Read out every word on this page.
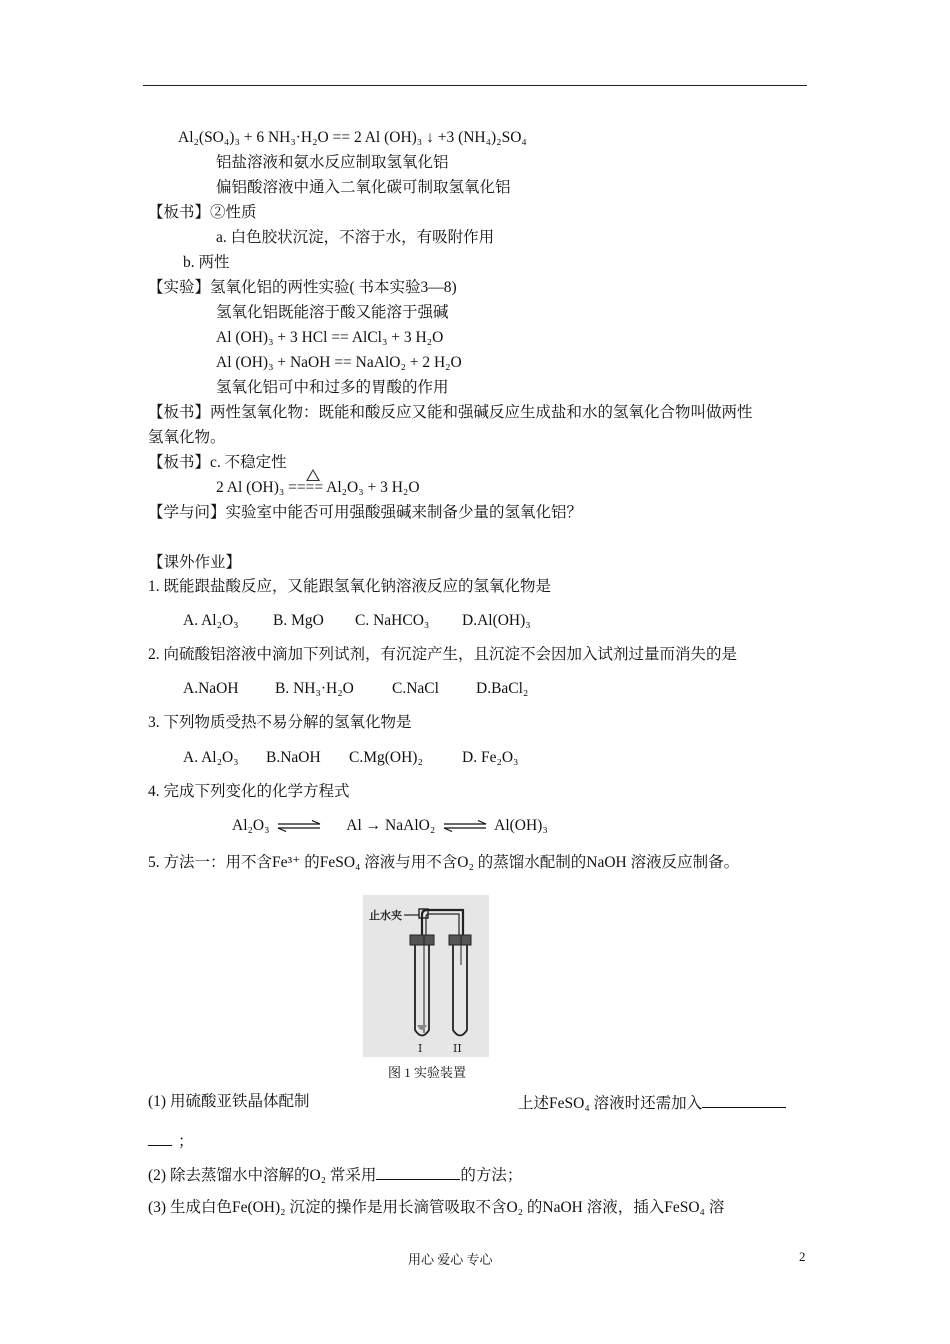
Al₂(SO₄)₃ + 6 NH₃·H₂O == 2 Al (OH)₃ ↓ +3 (NH₄)₂SO₄
铝盐溶液和氨水反应制取氢氧化铝
偏铝酸溶液中通入二氧化碳可制取氢氧化铝
【板书】②性质
a. 白色胶状沉淀，不溶于水，有吸附作用
b. 两性
【实验】氢氧化铝的两性实验( 书本实验3—8)
氢氧化铝既能溶于酸又能溶于强碱
Al (OH)₃ + 3 HCl == AlCl₃ + 3 H₂O
Al (OH)₃ + NaOH == NaAlO₂ + 2 H₂O
氢氧化铝可中和过多的胃酸的作用
【板书】两性氢氧化物：既能和酸反应又能和强碱反应生成盐和水的氢氧化合物叫做两性
氢氧化物。
【板书】c. 不稳定性
2 Al (OH)₃ ==== Al₂O₃ + 3 H₂O
【学与问】实验室中能否可用强酸强碱来制备少量的氢氧化铝？
【课外作业】
1. 既能跟盐酸反应，又能跟氢氧化钠溶液反应的氢氧化物是
A. Al₂O₃ B. MgO C. NaHCO₃ D.Al(OH)₃
2. 向硫酸铝溶液中滴加下列试剂，有沉淀产生，且沉淀不会因加入试剂过量而消失的是
A.NaOH B. NH₃·H₂O C.NaCl D.BaCl₂
3. 下列物质受热不易分解的氢氧化物是
A. Al₂O₃ B.NaOH C.Mg(OH)₂	D. Fe₂O₃
4. 完成下列变化的化学方程式
Al₂O₃ ⇌ Al → NaAlO₂ ⇌ Al(OH)₃
5. 方法一：用不含Fe³⁺ 的FeSO₄ 溶液与用不含O₂ 的蒸馏水配制的NaOH 溶液反应制备。
止水夹
I	II
图 1 实验装置
(1) 用硫酸亚铁晶体配制	上述FeSO₄ 溶液时还需加入
；
(2) 除去蒸馏水中溶解的O₂ 常采用	的方法；
(3) 生成白色Fe(OH)₂ 沉淀的操作是用长滴管吸取不含O₂ 的NaOH 溶液，插入FeSO₄ 溶
用心 爱心 专心	2
